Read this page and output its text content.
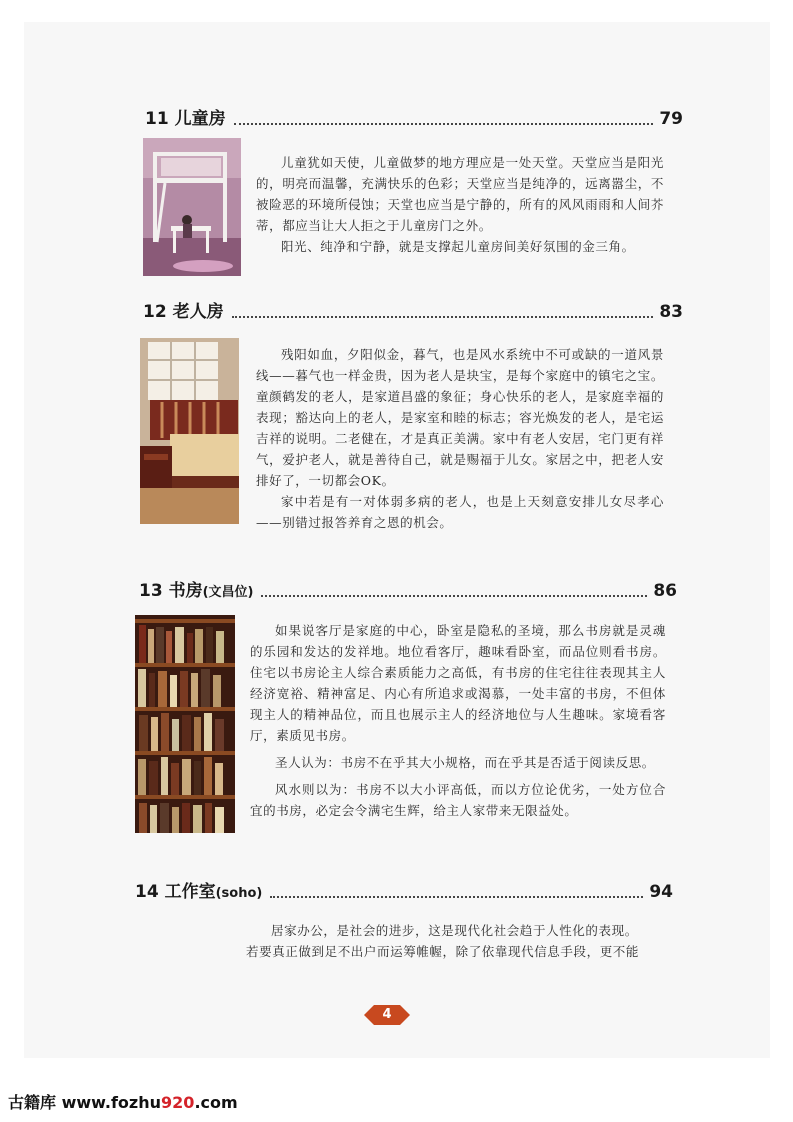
11 儿童房	79

儿童犹如天使，儿童做梦的地方理应是一处天堂。天堂应当是阳光的，明亮而温馨，充满快乐的色彩；天堂应当是纯净的，远离嚣尘，不被险恶的环境所侵蚀；天堂也应当是宁静的，所有的风风雨雨和人间芥蒂，都应当让大人拒之于儿童房门之外。

阳光、纯净和宁静，就是支撑起儿童房间美好氛围的金三角。

12 老人房	83

残阳如血，夕阳似金，暮气，也是风水系统中不可或缺的一道风景线——暮气也一样金贵，因为老人是块宝，是每个家庭中的镇宅之宝。童颜鹤发的老人，是家道昌盛的象征；身心快乐的老人，是家庭幸福的表现；豁达向上的老人，是家室和睦的标志；容光焕发的老人，是宅运吉祥的说明。二老健在，才是真正美满。家中有老人安居，宅门更有祥气，爱护老人，就是善待自己，就是赐福于儿女。家居之中，把老人安排好了，一切都会OK。

家中若是有一对体弱多病的老人，也是上天刻意安排儿女尽孝心——别错过报答养育之恩的机会。

13 书房(文昌位)	86

如果说客厅是家庭的中心，卧室是隐私的圣境，那么书房就是灵魂的乐园和发达的发祥地。地位看客厅，趣味看卧室，而品位则看书房。住宅以书房论主人综合素质能力之高低，有书房的住宅往往表现其主人经济宽裕、精神富足、内心有所追求或渴慕，一处丰富的书房，不但体现主人的精神品位，而且也展示主人的经济地位与人生趣味。家境看客厅，素质见书房。

圣人认为：书房不在乎其大小规格，而在乎其是否适于阅读反思。

风水则以为：书房不以大小评高低，而以方位论优劣，一处方位合宜的书房，必定会令满宅生辉，给主人家带来无限益处。

14 工作室(soho)	94

居家办公，是社会的进步，这是现代化社会趋于人性化的表现。

若要真正做到足不出户而运筹帷幄，除了依靠现代信息手段，更不能

4
古籍库 www.fozhu920.com
